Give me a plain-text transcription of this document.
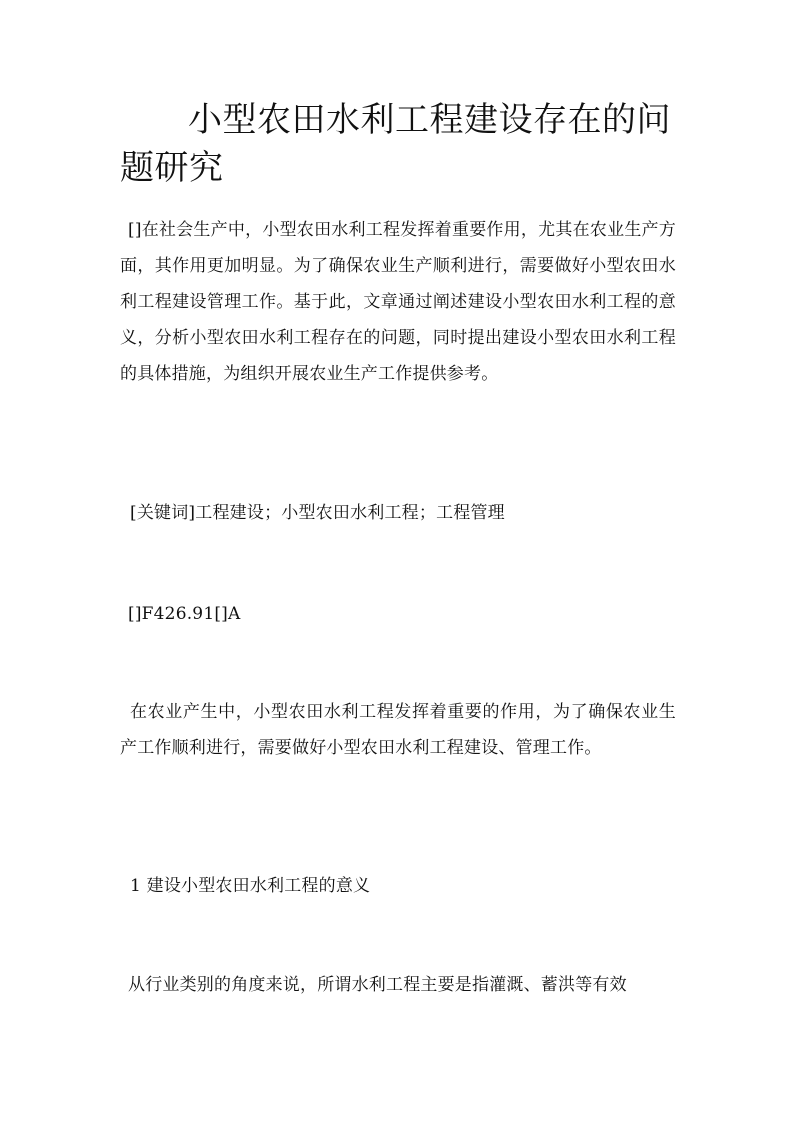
小型农田水利工程建设存在的问题研究

[]在社会生产中，小型农田水利工程发挥着重要作用，尤其在农业生产方面，其作用更加明显。为了确保农业生产顺利进行，需要做好小型农田水利工程建设管理工作。基于此，文章通过阐述建设小型农田水利工程的意义，分析小型农田水利工程存在的问题，同时提出建设小型农田水利工程的具体措施，为组织开展农业生产工作提供参考。

[关键词]工程建设；小型农田水利工程；工程管理

[]F426.91[]A

在农业产生中，小型农田水利工程发挥着重要的作用，为了确保农业生产工作顺利进行，需要做好小型农田水利工程建设、管理工作。

1 建设小型农田水利工程的意义

从行业类别的角度来说，所谓水利工程主要是指灌溉、蓄洪等有效
